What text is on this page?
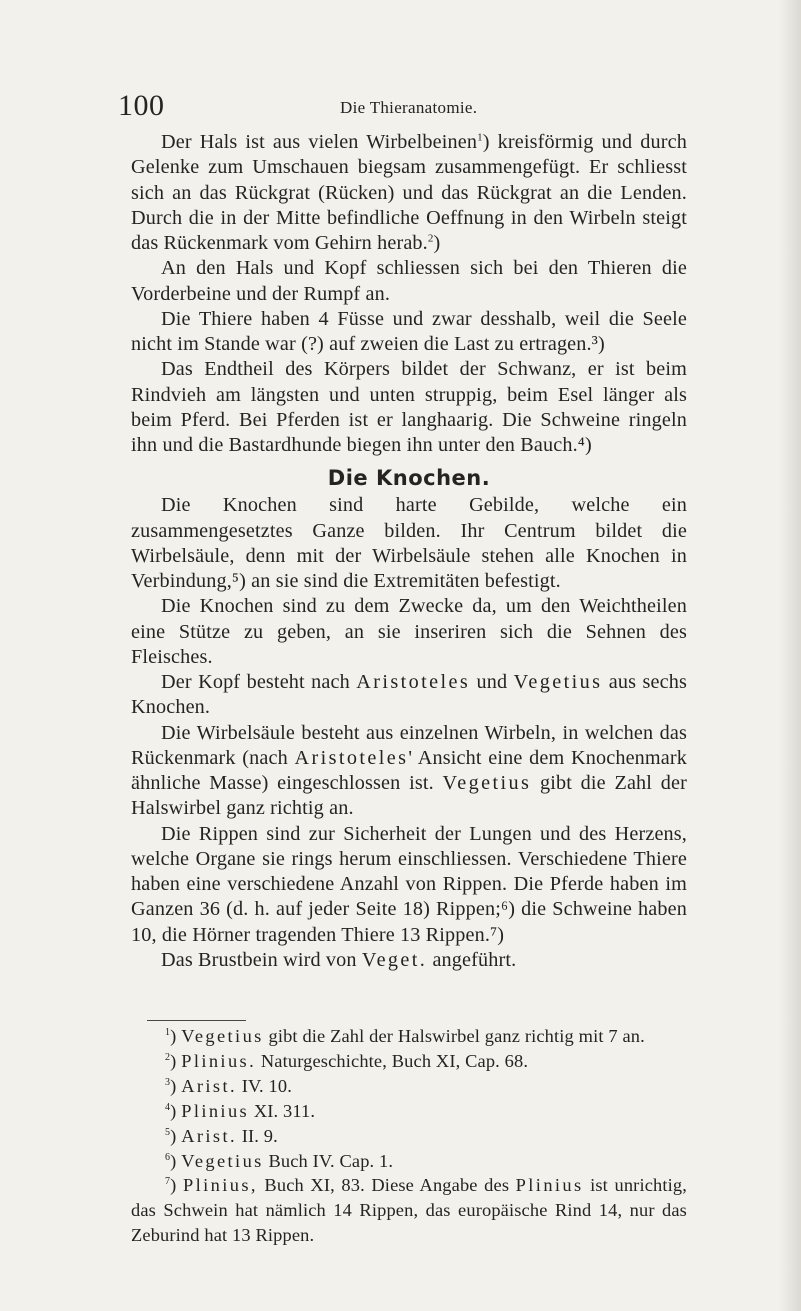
100	Die Thieranatomie.

Der Hals ist aus vielen Wirbelbeinen$^1$) kreisförmig und durch Gelenke zum Umschauen biegsam zusammengefügt. Er schliesst sich an das Rückgrat (Rücken) und das Rückgrat an die Lenden. Durch die in der Mitte befindliche Oeffnung in den Wirbeln steigt das Rückenmark vom Gehirn herab.$^2$)

An den Hals und Kopf schliessen sich bei den Thieren die Vorderbeine und der Rumpf an.

Die Thiere haben 4 Füsse und zwar desshalb, weil die Seele nicht im Stande war (?) auf zweien die Last zu ertragen.³)

Das Endtheil des Körpers bildet der Schwanz, er ist beim Rindvieh am längsten und unten struppig, beim Esel länger als beim Pferd. Bei Pferden ist er langhaarig. Die Schweine ringeln ihn und die Bastardhunde biegen ihn unter den Bauch.⁴)

Die Knochen.

Die Knochen sind harte Gebilde, welche ein zusammengesetztes Ganze bilden. Ihr Centrum bildet die Wirbelsäule, denn mit der Wirbelsäule stehen alle Knochen in Verbindung,⁵) an sie sind die Extremitäten befestigt.

Die Knochen sind zu dem Zwecke da, um den Weichtheilen eine Stütze zu geben, an sie inseriren sich die Sehnen des Fleisches.

Der Kopf besteht nach Aristoteles und Vegetius aus sechs Knochen.

Die Wirbelsäule besteht aus einzelnen Wirbeln, in welchen das Rückenmark (nach Aristoteles' Ansicht eine dem Knochenmark ähnliche Masse) eingeschlossen ist. Vegetius gibt die Zahl der Halswirbel ganz richtig an.

Die Rippen sind zur Sicherheit der Lungen und des Herzens, welche Organe sie rings herum einschliessen. Verschiedene Thiere haben eine verschiedene Anzahl von Rippen. Die Pferde haben im Ganzen 36 (d. h. auf jeder Seite 18) Rippen;⁶) die Schweine haben 10, die Hörner tragenden Thiere 13 Rippen.⁷)

Das Brustbein wird von Veget. angeführt.

$^1$) Vegetius gibt die Zahl der Halswirbel ganz richtig mit 7 an.

$^2$) Plinius. Naturgeschichte, Buch XI, Cap. 68.

$^3$) Arist. IV. 10.

$^4$) Plinius XI. 311.

$^5$) Arist. II. 9.

$^6$) Vegetius Buch IV. Cap. 1.

$^7$) Plinius, Buch XI, 83. Diese Angabe des Plinius ist unrichtig, das Schwein hat nämlich 14 Rippen, das europäische Rind 14, nur das Zeburind hat 13 Rippen.
